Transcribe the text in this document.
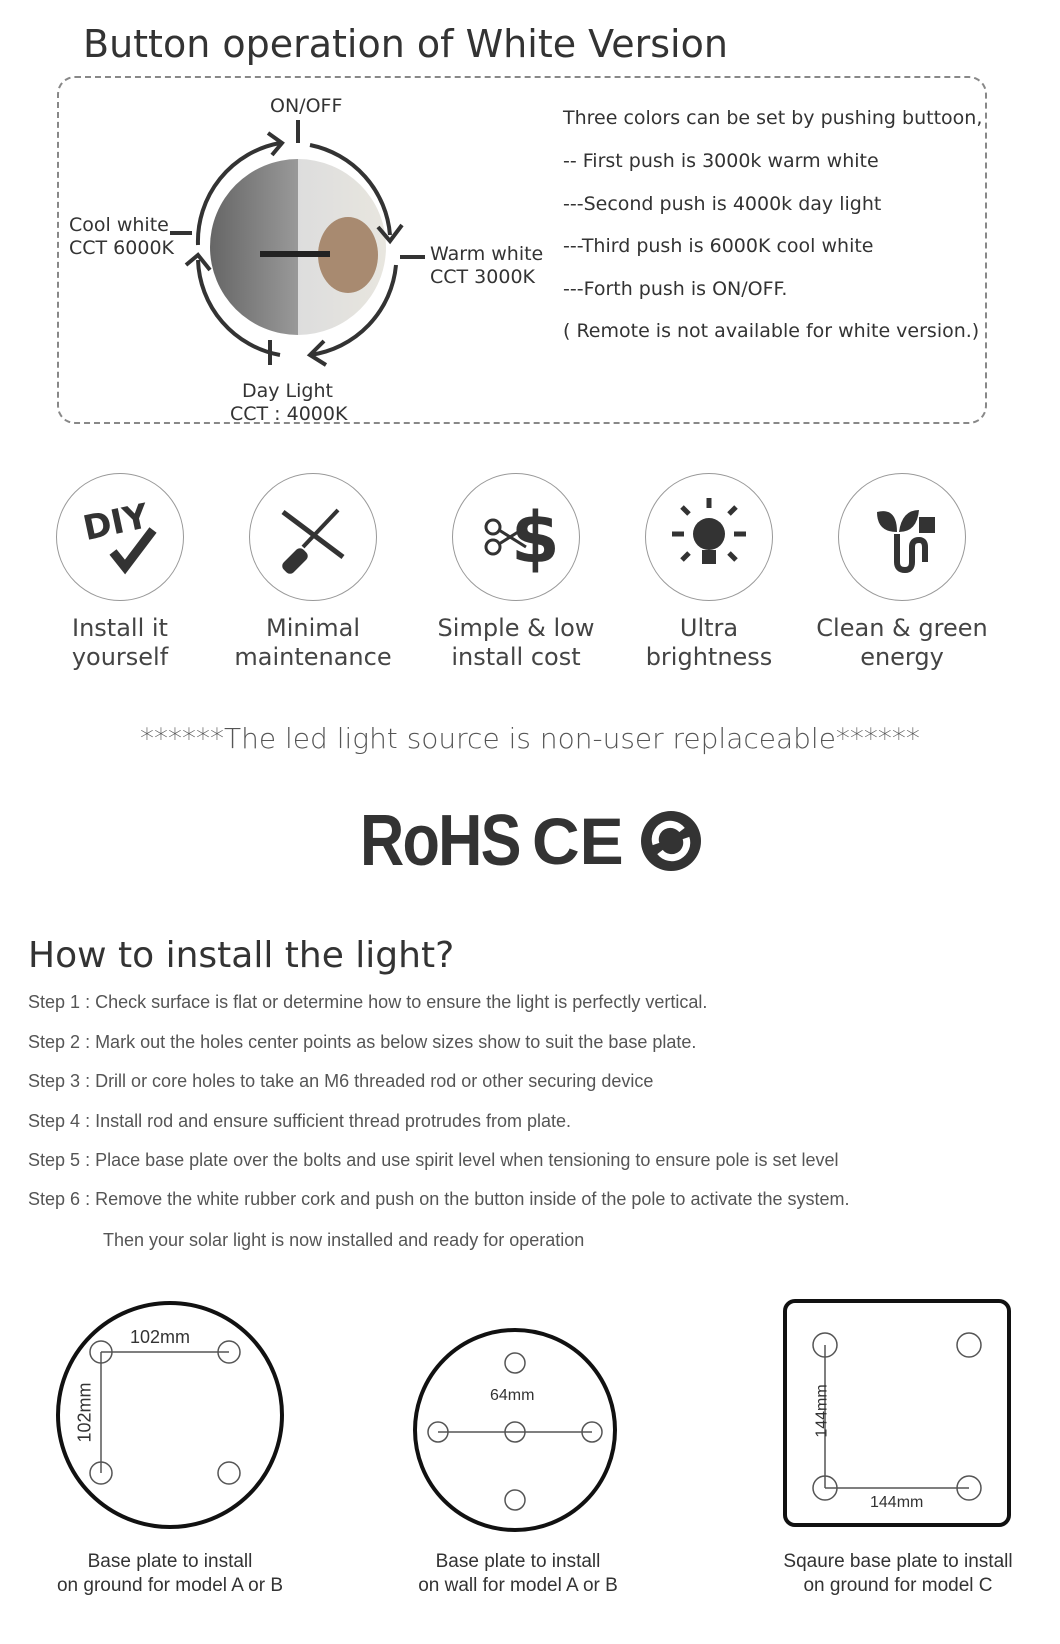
Button operation of White Version
ON/OFF
Cool white
CCT 6000K	Warm white
CCT 3000K
Day Light
CCT : 4000K
Three colors can be set by pushing buttoon,
-- First push is 3000k warm white
---Second push is 4000k day light
---Third push is 6000K cool white
---Forth push is ON/OFF.
( Remote is not available for white version.)
DIY	$
Install it
yourself
Minimal
maintenance
Simple & low
install cost
Ultra
brightness
Clean & green
energy
******The led light source is non-user replaceable******
RoHS CE
How to install the light?
Step 1 : Check surface is flat or determine how to ensure the light is perfectly vertical.
Step 2 : Mark out the holes center points as below sizes show to suit the base plate.
Step 3 : Drill or core holes to take an M6 threaded rod or other securing device
Step 4 : Install rod and ensure sufficient thread protrudes from plate.
Step 5 : Place base plate over the bolts and use spirit level when tensioning to ensure pole is set level
Step 6 : Remove the white rubber cork and push on the button inside of the pole to activate the system.
Then your solar light is now installed and ready for operation
102mm
102mm	64mm
144mm
144mm
Base plate to install
on ground for model A or B
Base plate to install
on wall for model A or B
Sqaure base plate to install
on ground for model C
